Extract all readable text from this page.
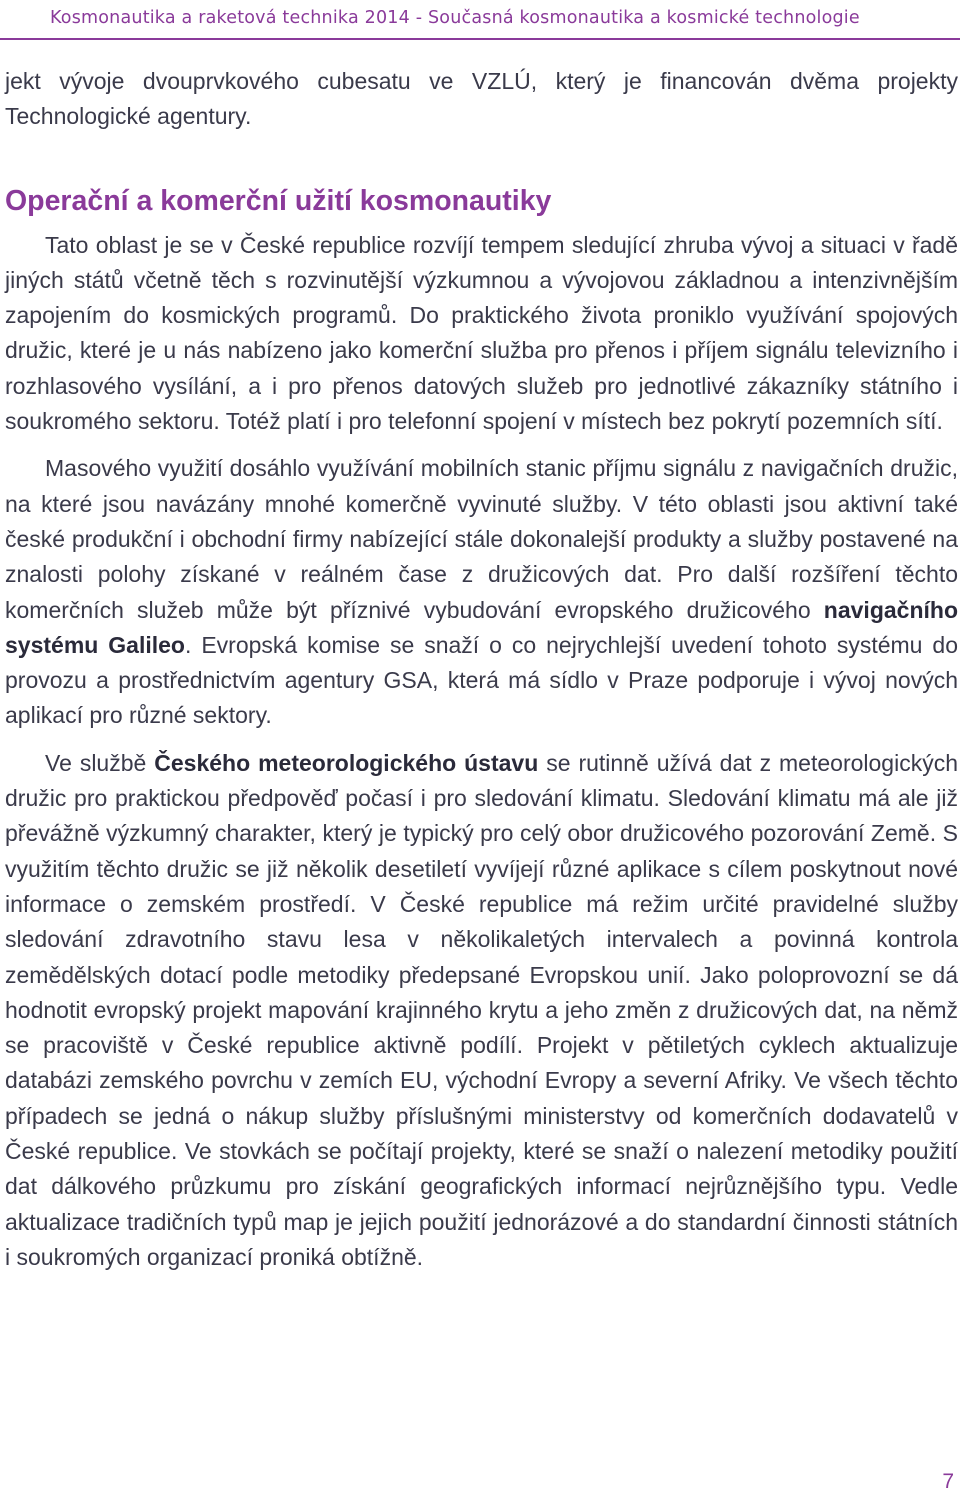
Kosmonautika a raketová technika 2014 - Současná kosmonautika a kosmické technologie

jekt vývoje dvouprvkového cubesatu ve VZLÚ, který je financován dvěma projekty Technologické agentury.

Operační a komerční užití kosmonautiky

Tato oblast je se v České republice rozvíjí tempem sledující zhruba vývoj a situaci v řadě jiných států včetně těch s rozvinutější výzkumnou a vývojovou základnou a intenzivnějším zapojením do kosmických programů. Do praktického života proniklo využívání spojových družic, které je u nás nabízeno jako komerční služba pro přenos i příjem signálu televizního i rozhlasového vysílání, a i pro přenos datových služeb pro jednotlivé zákazníky státního i soukromého sektoru. Totéž platí i pro telefonní spojení v místech bez pokrytí pozemních sítí.

Masového využití dosáhlo využívání mobilních stanic příjmu signálu z navigačních družic, na které jsou navázány mnohé komerčně vyvinuté služby. V této oblasti jsou aktivní také české produkční i obchodní firmy nabízející stále dokonalejší produkty a služby postavené na znalosti polohy získané v reálném čase z družicových dat. Pro další rozšíření těchto komerčních služeb může být příznivé vybudování evropského družicového navigačního systému Galileo. Evropská komise se snaží o co nejrychlejší uvedení tohoto systému do provozu a prostřednictvím agentury GSA, která má sídlo v Praze podporuje i vývoj nových aplikací pro různé sektory.

Ve službě Českého meteorologického ústavu se rutinně užívá dat z meteorologických družic pro praktickou předpověď počasí i pro sledování klimatu. Sledování klimatu má ale již převážně výzkumný charakter, který je typický pro celý obor družicového pozorování Země. S využitím těchto družic se již několik desetiletí vyvíjejí různé aplikace s cílem poskytnout nové informace o zemském prostředí. V České republice má režim určité pravidelné služby sledování zdravotního stavu lesa v několikaletých intervalech a povinná kontrola zemědělských dotací podle metodiky předepsané Evropskou unií. Jako poloprovozní se dá hodnotit evropský projekt mapování krajinného krytu a jeho změn z družicových dat, na němž se pracoviště v České republice aktivně podílí. Projekt v pětiletých cyklech aktualizuje databázi zemského povrchu v zemích EU, východní Evropy a severní Afriky. Ve všech těchto případech se jedná o nákup služby příslušnými ministerstvy od komerčních dodavatelů v České republice. Ve stovkách se počítají projekty, které se snaží o nalezení metodiky použití dat dálkového průzkumu pro získání geografických informací nejrůznějšího typu. Vedle aktualizace tradičních typů map je jejich použití jednorázové a do standardní činnosti státních i soukromých organizací proniká obtížně.

7
